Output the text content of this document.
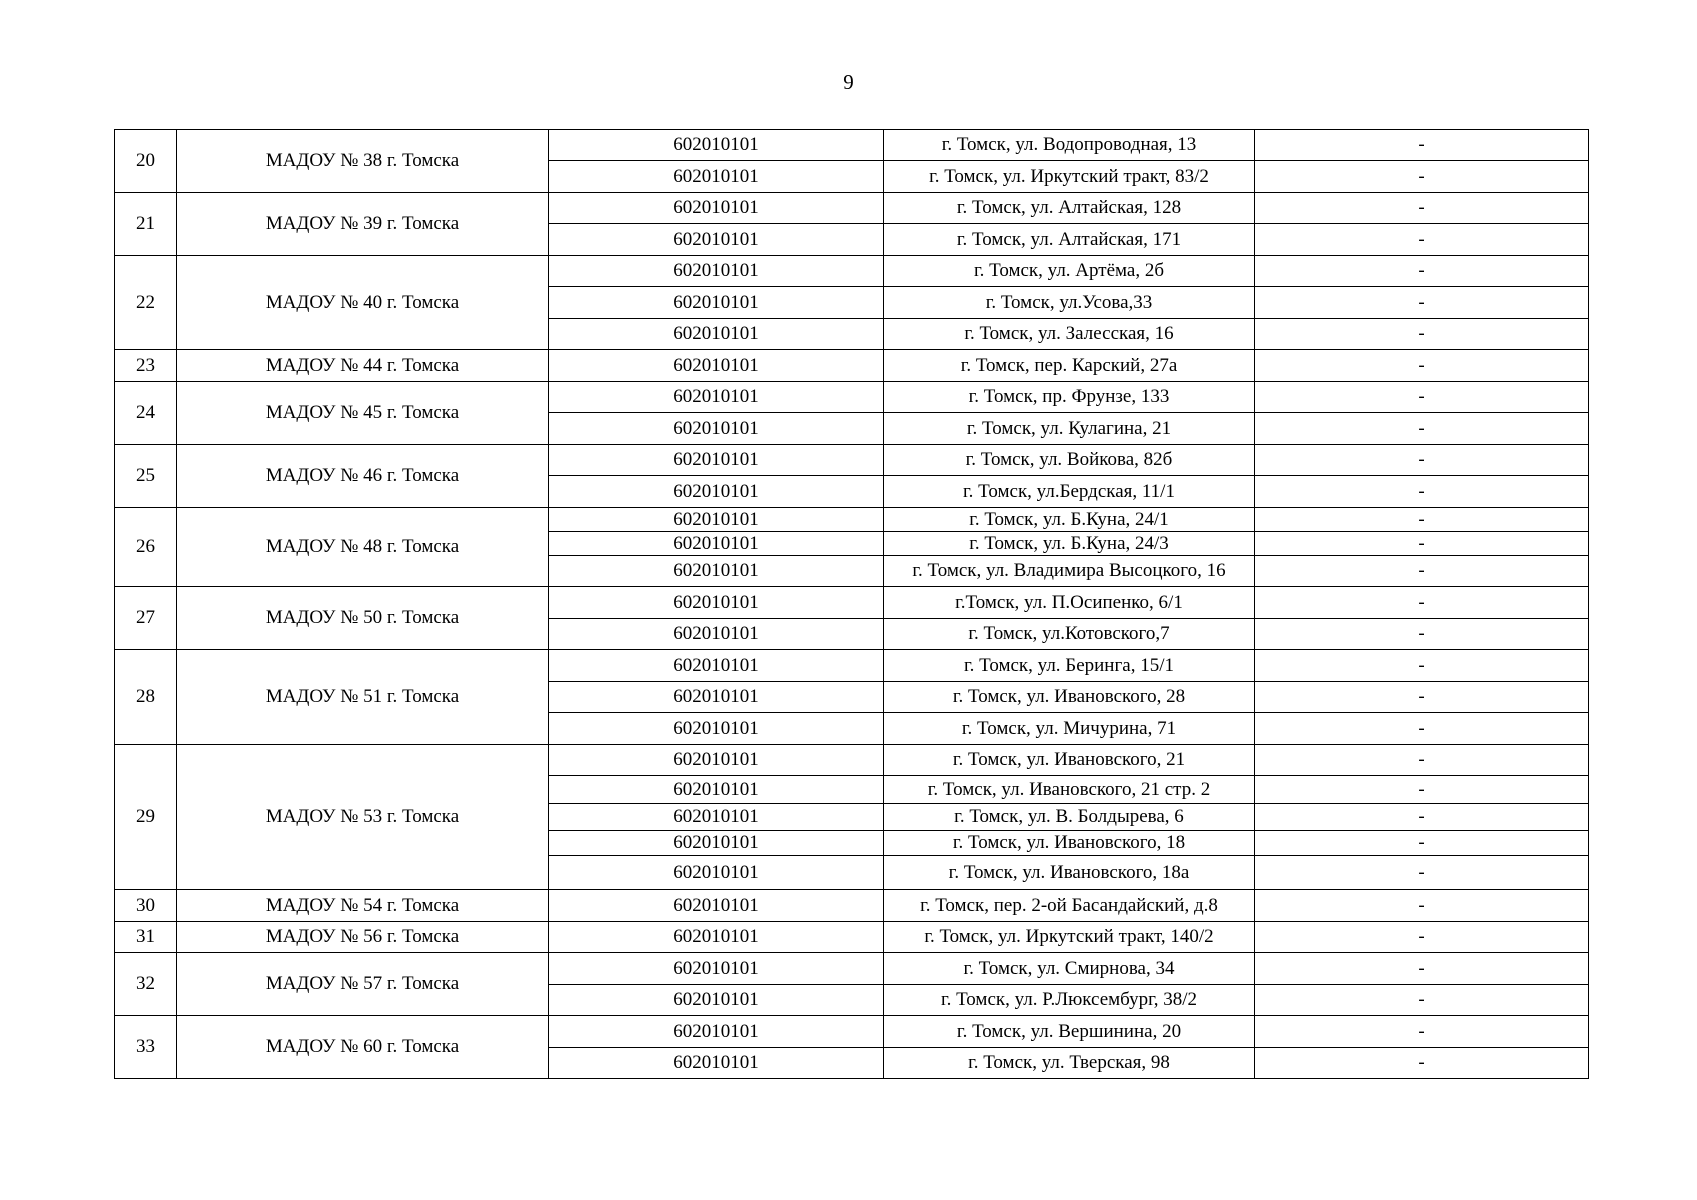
9
20	МАДОУ № 38 г. Томска	602010101	г. Томск, ул. Водопроводная, 13	-
		602010101	г. Томск, ул. Иркутский тракт, 83/2	-
21	МАДОУ № 39 г. Томска	602010101	г. Томск, ул. Алтайская, 128	-
		602010101	г. Томск, ул. Алтайская, 171	-
22	МАДОУ № 40 г. Томска	602010101	г. Томск, ул. Артёма, 2б	-
		602010101	г. Томск, ул.Усова,33	-
		602010101	г. Томск, ул. Залесская, 16	-
23	МАДОУ № 44 г. Томска	602010101	г. Томск, пер. Карский, 27а	-
24	МАДОУ № 45 г. Томска	602010101	г. Томск, пр. Фрунзе, 133	-
		602010101	г. Томск, ул. Кулагина, 21	-
25	МАДОУ № 46 г. Томска	602010101	г. Томск, ул. Войкова, 82б	-
		602010101	г. Томск, ул.Бердская, 11/1	-
26	МАДОУ № 48 г. Томска	602010101	г. Томск, ул. Б.Куна, 24/1	-
		602010101	г. Томск, ул. Б.Куна, 24/3	-
		602010101	г. Томск, ул. Владимира Высоцкого, 16	-
27	МАДОУ № 50 г. Томска	602010101	г.Томск, ул. П.Осипенко, 6/1	-
		602010101	г. Томск, ул.Котовского,7	-
28	МАДОУ № 51 г. Томска	602010101	г. Томск, ул. Беринга, 15/1	-
		602010101	г. Томск, ул. Ивановского, 28	-
		602010101	г. Томск, ул. Мичурина, 71	-
29	МАДОУ № 53 г. Томска	602010101	г. Томск, ул. Ивановского, 21	-
		602010101	г. Томск, ул. Ивановского, 21 стр. 2	-
		602010101	г. Томск, ул. В. Болдырева, 6	-
		602010101	г. Томск, ул. Ивановского, 18	-
		602010101	г. Томск, ул. Ивановского, 18а	-
30	МАДОУ № 54 г. Томска	602010101	г. Томск, пер. 2-ой Басандайский, д.8	-
31	МАДОУ № 56 г. Томска	602010101	г. Томск, ул. Иркутский тракт, 140/2	-
32	МАДОУ № 57 г. Томска	602010101	г. Томск, ул. Смирнова, 34	-
		602010101	г. Томск, ул. Р.Люксембург, 38/2	-
33	МАДОУ № 60 г. Томска	602010101	г. Томск, ул. Вершинина, 20	-
		602010101	г. Томск, ул. Тверская, 98	-
